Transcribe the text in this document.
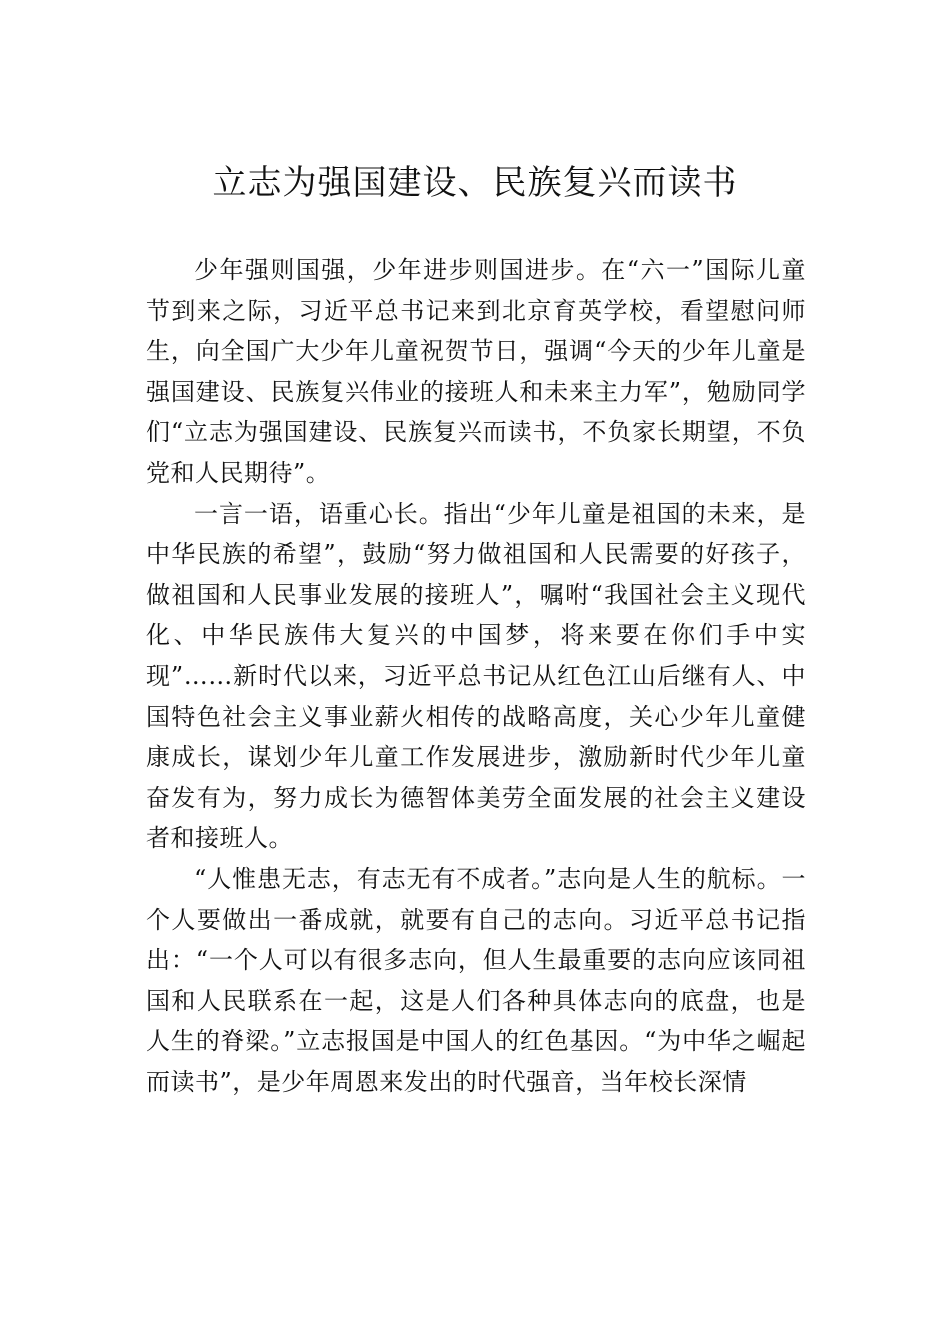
立志为强国建设、民族复兴而读书

少年强则国强，少年进步则国进步。在“六一”国际儿童节到来之际，习近平总书记来到北京育英学校，看望慰问师生，向全国广大少年儿童祝贺节日，强调“今天的少年儿童是强国建设、民族复兴伟业的接班人和未来主力军”，勉励同学们“立志为强国建设、民族复兴而读书，不负家长期望，不负党和人民期待”。

一言一语，语重心长。指出“少年儿童是祖国的未来，是中华民族的希望”，鼓励“努力做祖国和人民需要的好孩子，做祖国和人民事业发展的接班人”，嘱咐“我国社会主义现代化、中华民族伟大复兴的中国梦，将来要在你们手中实现”……新时代以来，习近平总书记从红色江山后继有人、中国特色社会主义事业薪火相传的战略高度，关心少年儿童健康成长，谋划少年儿童工作发展进步，激励新时代少年儿童奋发有为，努力成长为德智体美劳全面发展的社会主义建设者和接班人。

“人惟患无志，有志无有不成者。”志向是人生的航标。一个人要做出一番成就，就要有自己的志向。习近平总书记指出：“一个人可以有很多志向，但人生最重要的志向应该同祖国和人民联系在一起，这是人们各种具体志向的底盘，也是人生的脊梁。”立志报国是中国人的红色基因。“为中华之崛起而读书”，是少年周恩来发出的时代强音，当年校长深情
